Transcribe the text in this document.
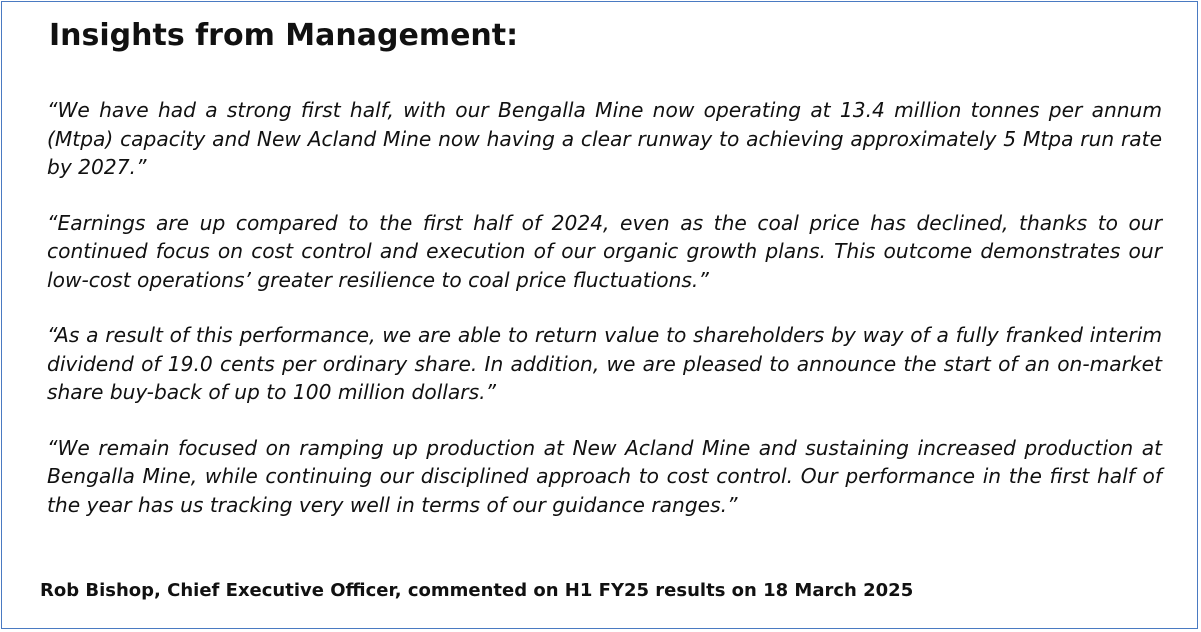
Insights from Management:

“We have had a strong first half, with our Bengalla Mine now operating at 13.4 million tonnes per annum (Mtpa) capacity and New Acland Mine now having a clear runway to achieving approximately 5 Mtpa run rate by 2027.”

“Earnings are up compared to the first half of 2024, even as the coal price has declined, thanks to our continued focus on cost control and execution of our organic growth plans. This outcome demonstrates our low-cost operations’ greater resilience to coal price fluctuations.”

“As a result of this performance, we are able to return value to shareholders by way of a fully franked interim dividend of 19.0 cents per ordinary share. In addition, we are pleased to announce the start of an on-market share buy-back of up to 100 million dollars.”

“We remain focused on ramping up production at New Acland Mine and sustaining increased production at Bengalla Mine, while continuing our disciplined approach to cost control. Our performance in the first half of the year has us tracking very well in terms of our guidance ranges.”

Rob Bishop, Chief Executive Officer, commented on H1 FY25 results on 18 March 2025
